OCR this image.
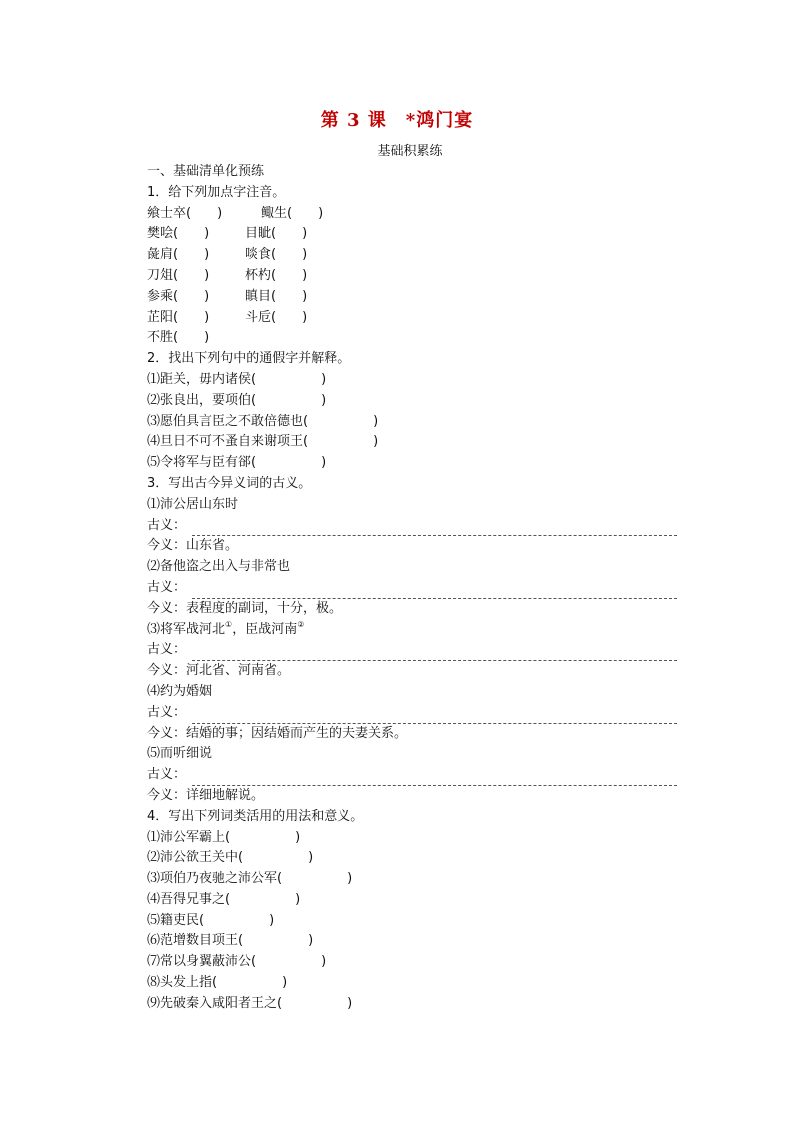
第 3 课　*鸿门宴
基础积累练
一、基础清单化预练
1．给下列加点字注音。
飨士卒(　　)	鲰生(　　)
樊哙(　　)	目眦(　　)
彘肩(　　)	啖食(　　)
刀俎(　　)	杯杓(　　)
参乘(　　)	瞋目(　　)
芷阳(　　)	斗卮(　　)
不胜(　　)
2．找出下列句中的通假字并解释。
⑴距关，毋内诸侯(　　　　　)
⑵张良出，要项伯(　　　　　)
⑶愿伯具言臣之不敢倍德也(　　　　　)
⑷旦日不可不蚤自来谢项王(　　　　　)
⑸令将军与臣有郤(　　　　　)
3．写出古今异义词的古义。
⑴沛公居山东时
古义：
今义：山东省。
⑵备他盗之出入与非常也
古义：
今义：表程度的副词，十分，极。
⑶将军战河北①，臣战河南②
古义：
今义：河北省、河南省。
⑷约为婚姻
古义：
今义：结婚的事；因结婚而产生的夫妻关系。
⑸而听细说
古义：
今义：详细地解说。
4．写出下列词类活用的用法和意义。
⑴沛公军霸上(　　　　　)
⑵沛公欲王关中(　　　　　)
⑶项伯乃夜驰之沛公军(　　　　　)
⑷吾得兄事之(　　　　　)
⑸籍吏民(　　　　　)
⑹范增数目项王(　　　　　)
⑺常以身翼蔽沛公(　　　　　)
⑻头发上指(　　　　　)
⑼先破秦入咸阳者王之(　　　　　)
